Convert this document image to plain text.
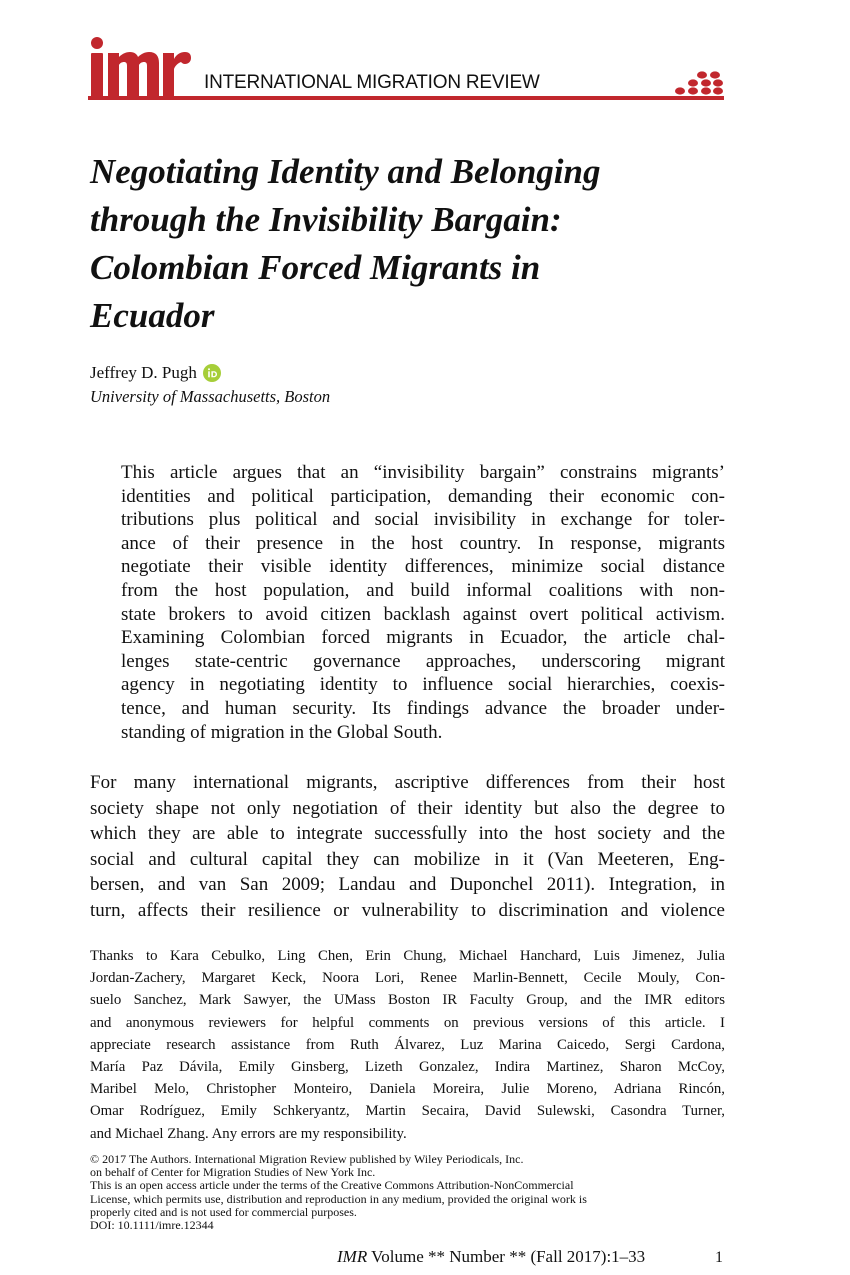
INTERNATIONAL MIGRATION REVIEW
Negotiating Identity and Belonging
through the Invisibility Bargain:
Colombian Forced Migrants in
Ecuador
Jeffrey D. Pugh
University of Massachusetts, Boston
This article argues that an “invisibility bargain” constrains migrants’
identities and political participation, demanding their economic con-
tributions plus political and social invisibility in exchange for toler-
ance of their presence in the host country. In response, migrants
negotiate their visible identity differences, minimize social distance
from the host population, and build informal coalitions with non-
state brokers to avoid citizen backlash against overt political activism.
Examining Colombian forced migrants in Ecuador, the article chal-
lenges state-centric governance approaches, underscoring migrant
agency in negotiating identity to influence social hierarchies, coexis-
tence, and human security. Its findings advance the broader under-
standing of migration in the Global South.
For many international migrants, ascriptive differences from their host
society shape not only negotiation of their identity but also the degree to
which they are able to integrate successfully into the host society and the
social and cultural capital they can mobilize in it (Van Meeteren, Eng-
bersen, and van San 2009; Landau and Duponchel 2011). Integration, in
turn, affects their resilience or vulnerability to discrimination and violence
Thanks to Kara Cebulko, Ling Chen, Erin Chung, Michael Hanchard, Luis Jimenez, Julia
Jordan-Zachery, Margaret Keck, Noora Lori, Renee Marlin-Bennett, Cecile Mouly, Con-
suelo Sanchez, Mark Sawyer, the UMass Boston IR Faculty Group, and the IMR editors
and anonymous reviewers for helpful comments on previous versions of this article. I
appreciate research assistance from Ruth Álvarez, Luz Marina Caicedo, Sergi Cardona,
María Paz Dávila, Emily Ginsberg, Lizeth Gonzalez, Indira Martinez, Sharon McCoy,
Maribel Melo, Christopher Monteiro, Daniela Moreira, Julie Moreno, Adriana Rincón,
Omar Rodríguez, Emily Schkeryantz, Martin Secaira, David Sulewski, Casondra Turner,
and Michael Zhang. Any errors are my responsibility.
© 2017 The Authors. International Migration Review published by Wiley Periodicals, Inc.
on behalf of Center for Migration Studies of New York Inc.
This is an open access article under the terms of the Creative Commons Attribution-NonCommercial
License, which permits use, distribution and reproduction in any medium, provided the original work is
properly cited and is not used for commercial purposes.
DOI: 10.1111/imre.12344
IMR Volume ** Number ** (Fall 2017):1–33	1
